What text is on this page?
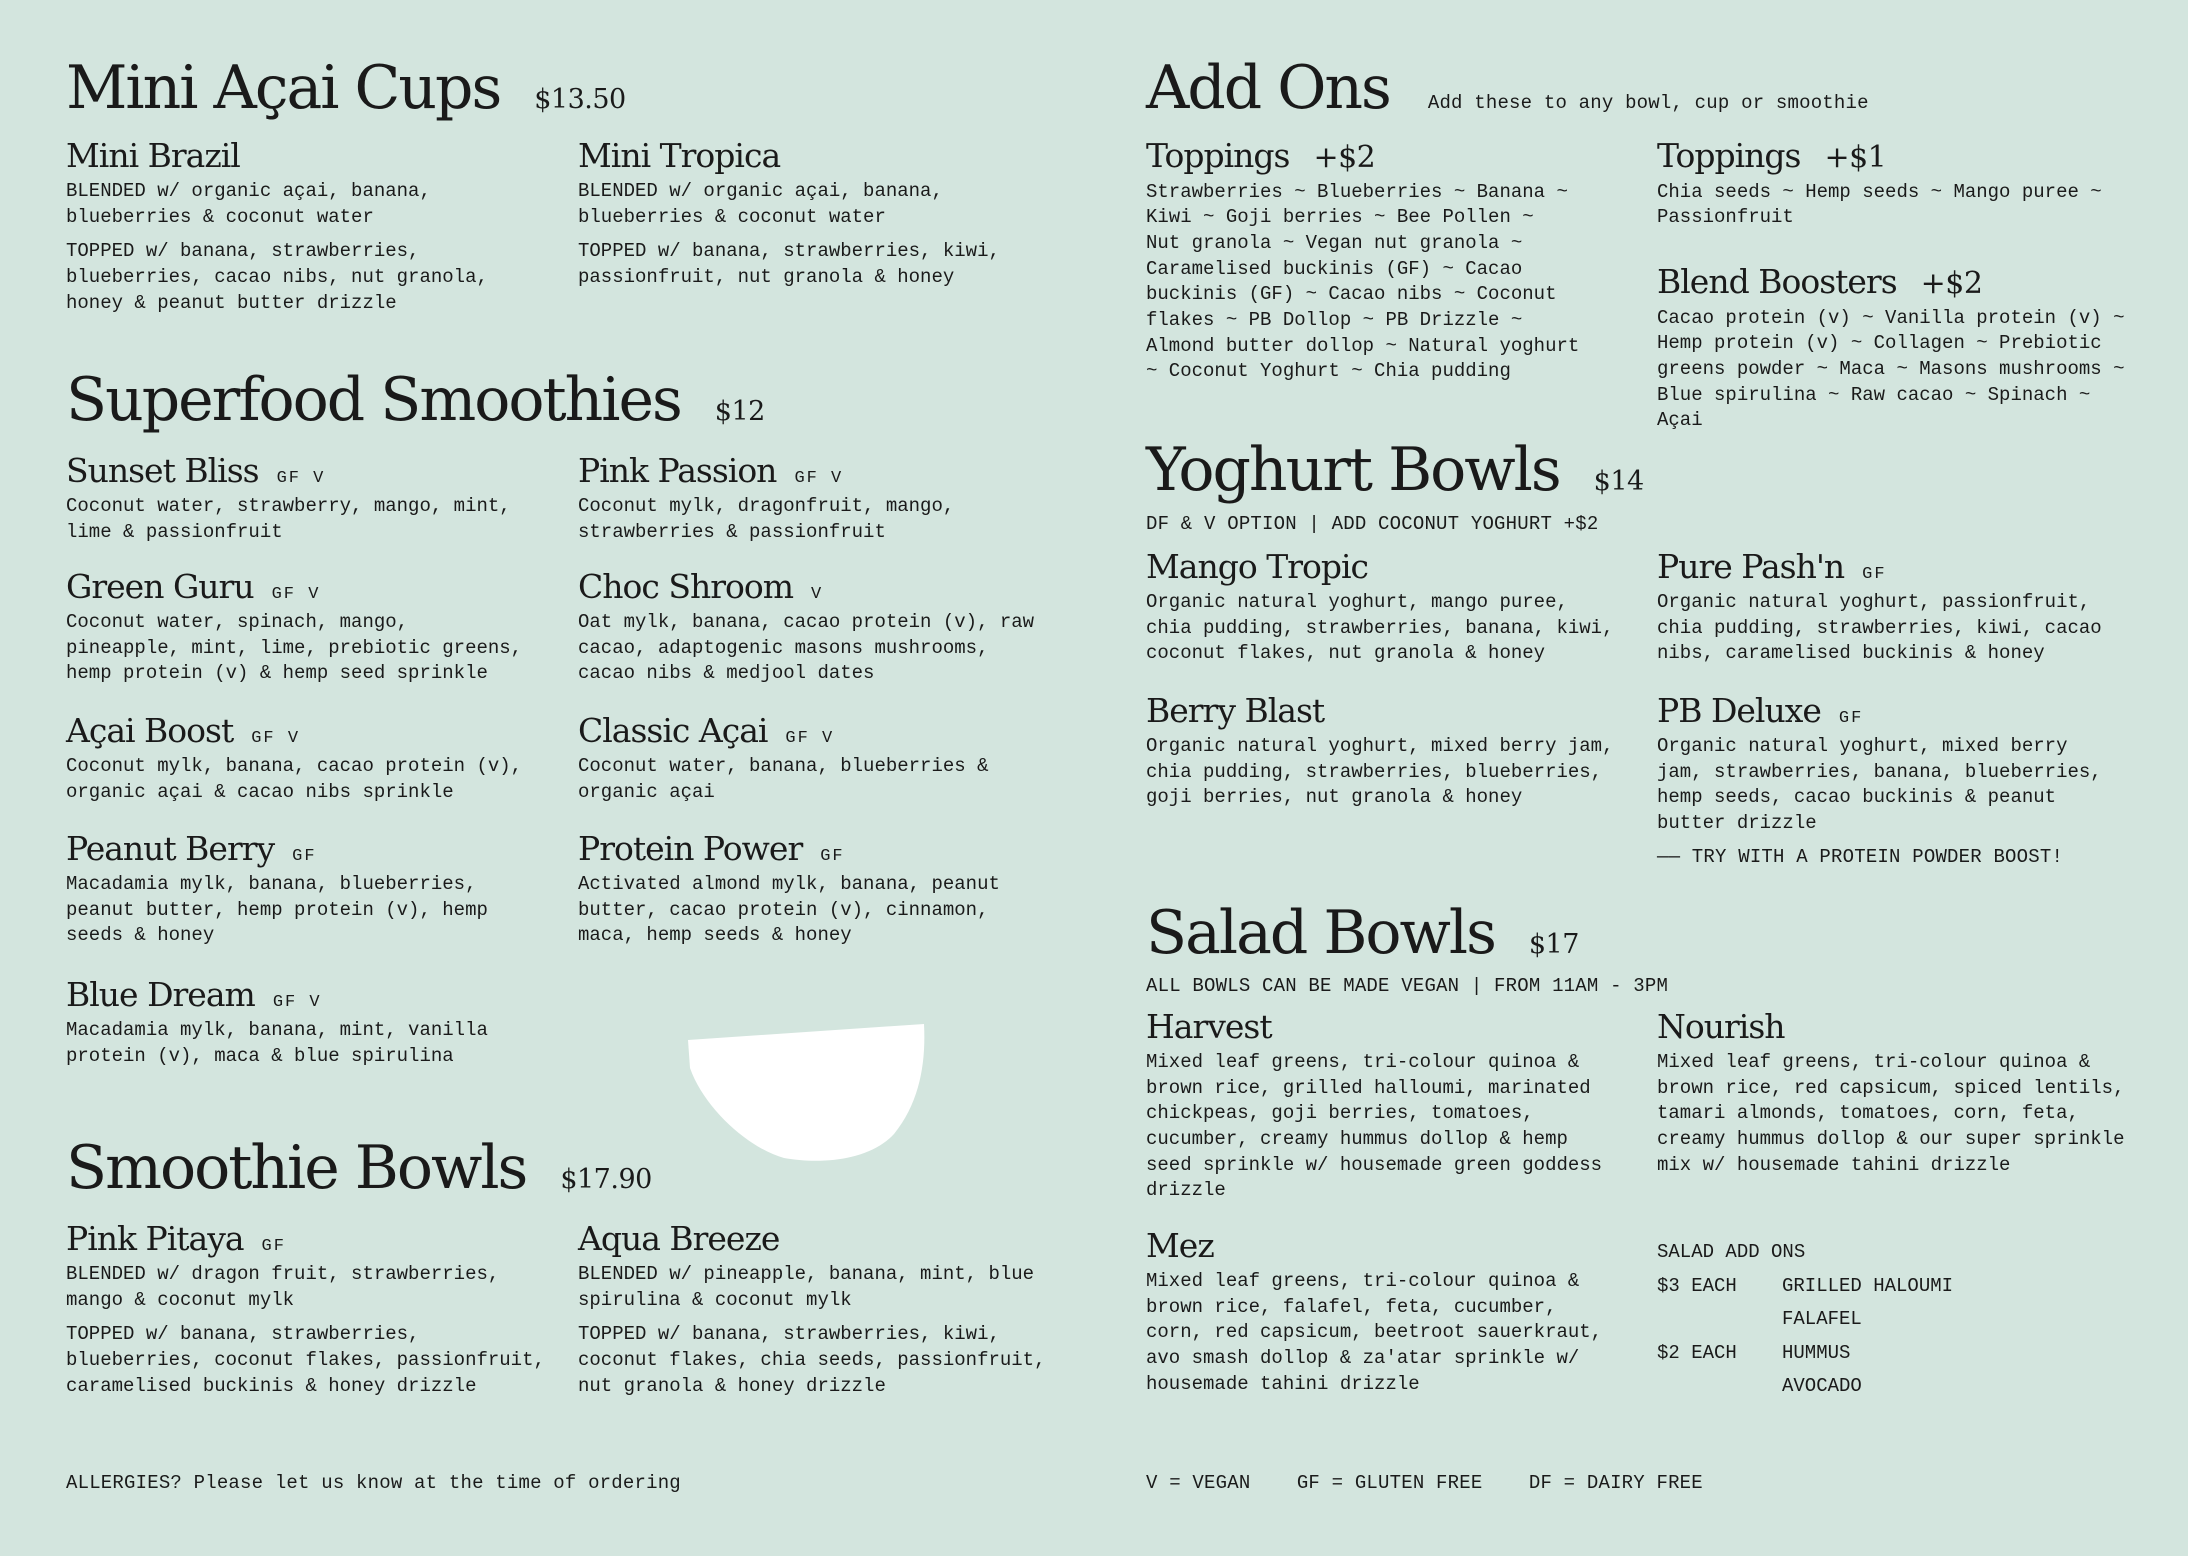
Mini Açai Cups $13.50
Mini Brazil
BLENDED w/ organic açai, banana,
blueberries & coconut water
TOPPED w/ banana, strawberries,
blueberries, cacao nibs, nut granola,
honey & peanut butter drizzle
Mini Tropica
BLENDED w/ organic açai, banana,
blueberries & coconut water
TOPPED w/ banana, strawberries, kiwi,
passionfruit, nut granola & honey
Superfood Smoothies $12
Sunset Bliss GF V
Coconut water, strawberry, mango, mint,
lime & passionfruit
Pink Passion GF V
Coconut mylk, dragonfruit, mango,
strawberries & passionfruit
Green Guru GF V
Coconut water, spinach, mango,
pineapple, mint, lime, prebiotic greens,
hemp protein (v) & hemp seed sprinkle
Choc Shroom V
Oat mylk, banana, cacao protein (v), raw
cacao, adaptogenic masons mushrooms,
cacao nibs & medjool dates
Açai Boost GF V
Coconut mylk, banana, cacao protein (v),
organic açai & cacao nibs sprinkle
Classic Açai GF V
Coconut water, banana, blueberries &
organic açai
Peanut Berry GF
Macadamia mylk, banana, blueberries,
peanut butter, hemp protein (v), hemp
seeds & honey
Protein Power GF
Activated almond mylk, banana, peanut
butter, cacao protein (v), cinnamon,
maca, hemp seeds & honey
Blue Dream GF V
Macadamia mylk, banana, mint, vanilla
protein (v), maca & blue spirulina
Smoothie Bowls $17.90
Pink Pitaya GF
BLENDED w/ dragon fruit, strawberries,
mango & coconut mylk
TOPPED w/ banana, strawberries,
blueberries, coconut flakes, passionfruit,
caramelised buckinis & honey drizzle
Aqua Breeze
BLENDED w/ pineapple, banana, mint, blue
spirulina & coconut mylk
TOPPED w/ banana, strawberries, kiwi,
coconut flakes, chia seeds, passionfruit,
nut granola & honey drizzle
ALLERGIES? Please let us know at the time of ordering
Add Ons Add these to any bowl, cup or smoothie
Toppings +$2
Strawberries ~ Blueberries ~ Banana ~
Kiwi ~ Goji berries ~ Bee Pollen ~
Nut granola ~ Vegan nut granola ~
Caramelised buckinis (GF) ~ Cacao
buckinis (GF) ~ Cacao nibs ~ Coconut
flakes ~ PB Dollop ~ PB Drizzle ~
Almond butter dollop ~ Natural yoghurt
~ Coconut Yoghurt ~ Chia pudding
Toppings +$1
Chia seeds ~ Hemp seeds ~ Mango puree ~
Passionfruit
Blend Boosters +$2
Cacao protein (v) ~ Vanilla protein (v) ~
Hemp protein (v) ~ Collagen ~ Prebiotic
greens powder ~ Maca ~ Masons mushrooms ~
Blue spirulina ~ Raw cacao ~ Spinach ~ Açai
Yoghurt Bowls $14
DF & V OPTION | ADD COCONUT YOGHURT +$2
Mango Tropic
Organic natural yoghurt, mango puree,
chia pudding, strawberries, banana, kiwi,
coconut flakes, nut granola & honey
Pure Pash'n GF
Organic natural yoghurt, passionfruit,
chia pudding, strawberries, kiwi, cacao
nibs, caramelised buckinis & honey
Berry Blast
Organic natural yoghurt, mixed berry jam,
chia pudding, strawberries, blueberries,
goji berries, nut granola & honey
PB Deluxe GF
Organic natural yoghurt, mixed berry
jam, strawberries, banana, blueberries,
hemp seeds, cacao buckinis & peanut
butter drizzle
—— TRY WITH A PROTEIN POWDER BOOST!
Salad Bowls $17
ALL BOWLS CAN BE MADE VEGAN | FROM 11AM - 3PM
Harvest
Mixed leaf greens, tri-colour quinoa &
brown rice, grilled halloumi, marinated
chickpeas, goji berries, tomatoes,
cucumber, creamy hummus dollop & hemp
seed sprinkle w/ housemade green goddess
drizzle
Nourish
Mixed leaf greens, tri-colour quinoa &
brown rice, red capsicum, spiced lentils,
tamari almonds, tomatoes, corn, feta,
creamy hummus dollop & our super sprinkle
mix w/ housemade tahini drizzle
Mez
Mixed leaf greens, tri-colour quinoa &
brown rice, falafel, feta, cucumber,
corn, red capsicum, beetroot sauerkraut,
avo smash dollop & za'atar sprinkle w/
housemade tahini drizzle
SALAD ADD ONS
$3 EACH GRILLED HALOUMI
FALAFEL
$2 EACH HUMMUS
AVOCADO
V = VEGAN    GF = GLUTEN FREE    DF = DAIRY FREE
